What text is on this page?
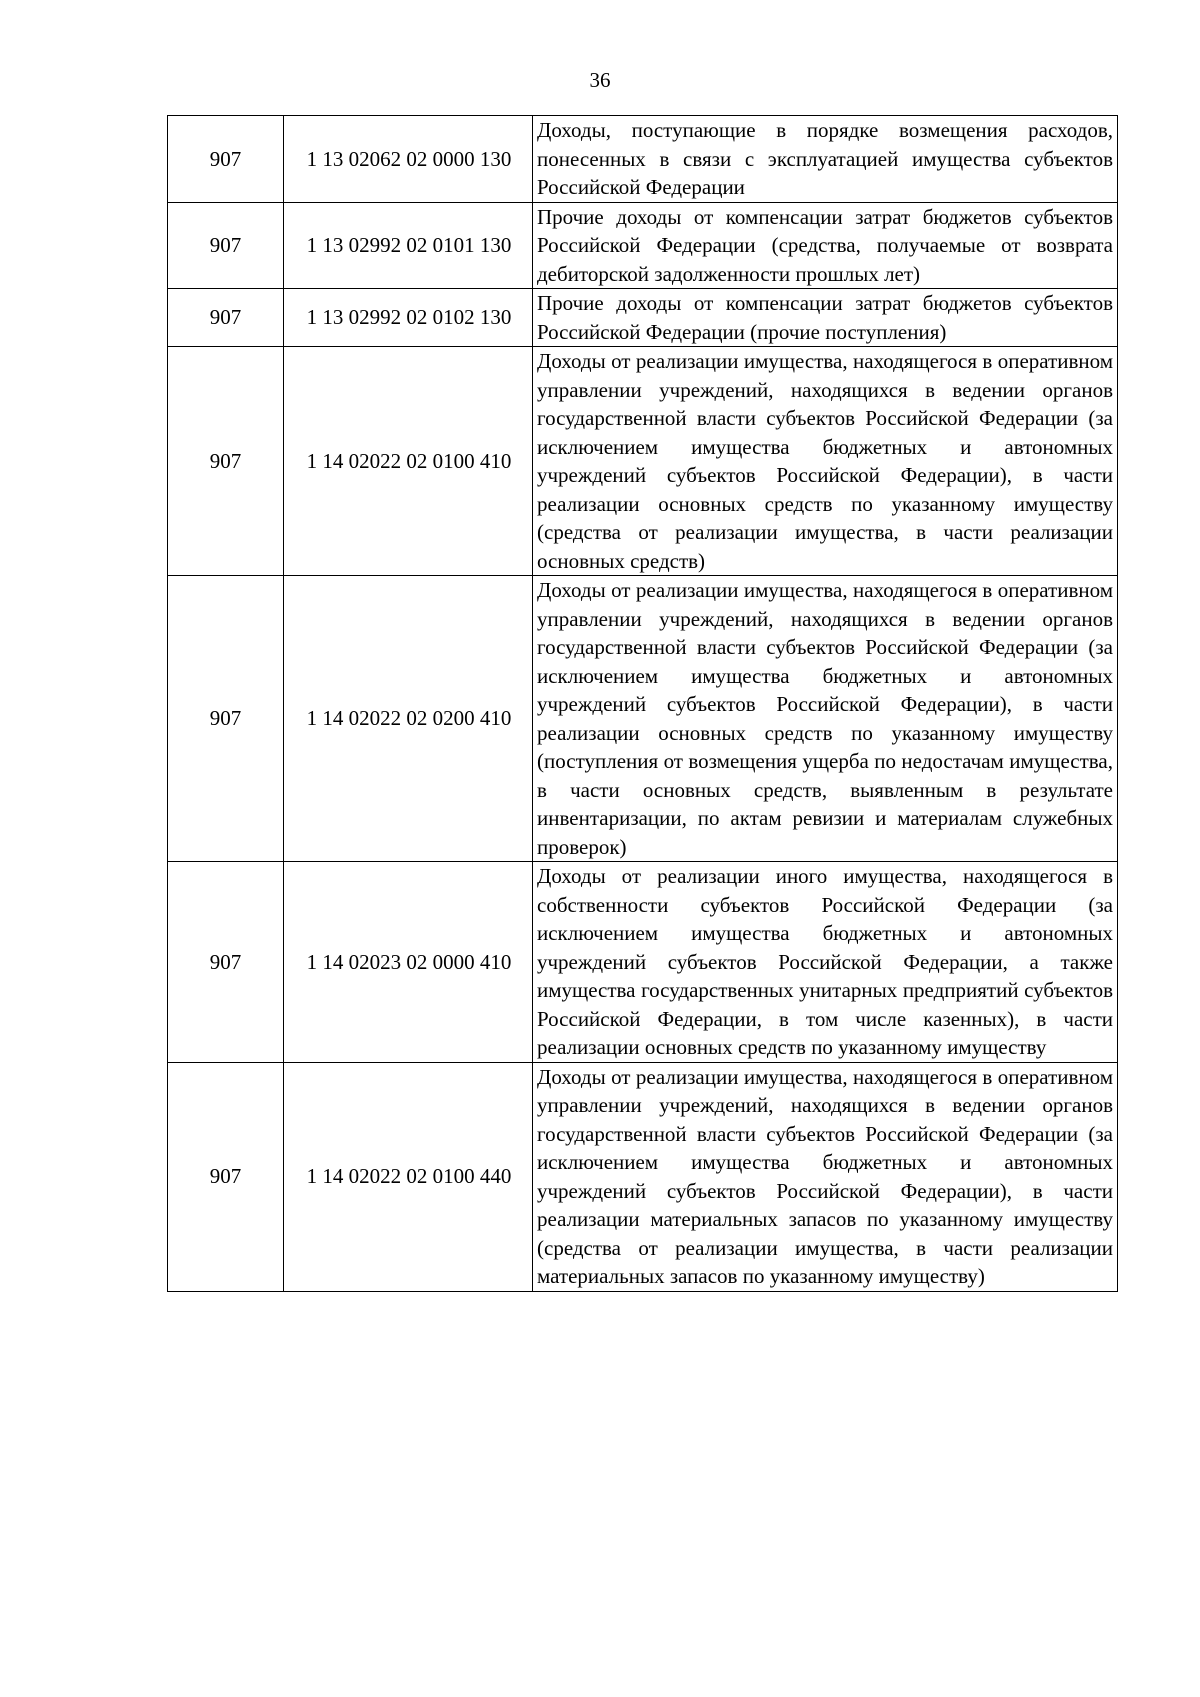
36
907	1 13 02062 02 0000 130	Доходы, поступающие в порядке возмещения расходов, понесенных в связи с эксплуатацией имущества субъектов Российской Федерации
907	1 13 02992 02 0101 130	Прочие доходы от компенсации затрат бюджетов субъектов Российской Федерации (средства, получаемые от возврата дебиторской задолженности прошлых лет)
907	1 13 02992 02 0102 130	Прочие доходы от компенсации затрат бюджетов субъектов Российской Федерации (прочие поступления)
907	1 14 02022 02 0100 410	Доходы от реализации имущества, находящегося в оперативном управлении учреждений, находящихся в ведении органов государственной власти субъектов Российской Федерации (за исключением имущества бюджетных и автономных учреждений субъектов Российской Федерации), в части реализации основных средств по указанному имуществу (средства от реализации имущества, в части реализации основных средств)
907	1 14 02022 02 0200 410	Доходы от реализации имущества, находящегося в оперативном управлении учреждений, находящихся в ведении органов государственной власти субъектов Российской Федерации (за исключением имущества бюджетных и автономных учреждений субъектов Российской Федерации), в части реализации основных средств по указанному имуществу (поступления от возмещения ущерба по недостачам имущества, в части основных средств, выявленным в результате инвентаризации, по актам ревизии и материалам служебных проверок)
907	1 14 02023 02 0000 410	Доходы от реализации иного имущества, находящегося в собственности субъектов Российской Федерации (за исключением имущества бюджетных и автономных учреждений субъектов Российской Федерации, а также имущества государственных унитарных предприятий субъектов Российской Федерации, в том числе казенных), в части реализации основных средств по указанному имуществу
907	1 14 02022 02 0100 440	Доходы от реализации имущества, находящегося в оперативном управлении учреждений, находящихся в ведении органов государственной власти субъектов Российской Федерации (за исключением имущества бюджетных и автономных учреждений субъектов Российской Федерации), в части реализации материальных запасов по указанному имуществу (средства от реализации имущества, в части реализации материальных запасов по указанному имуществу)
